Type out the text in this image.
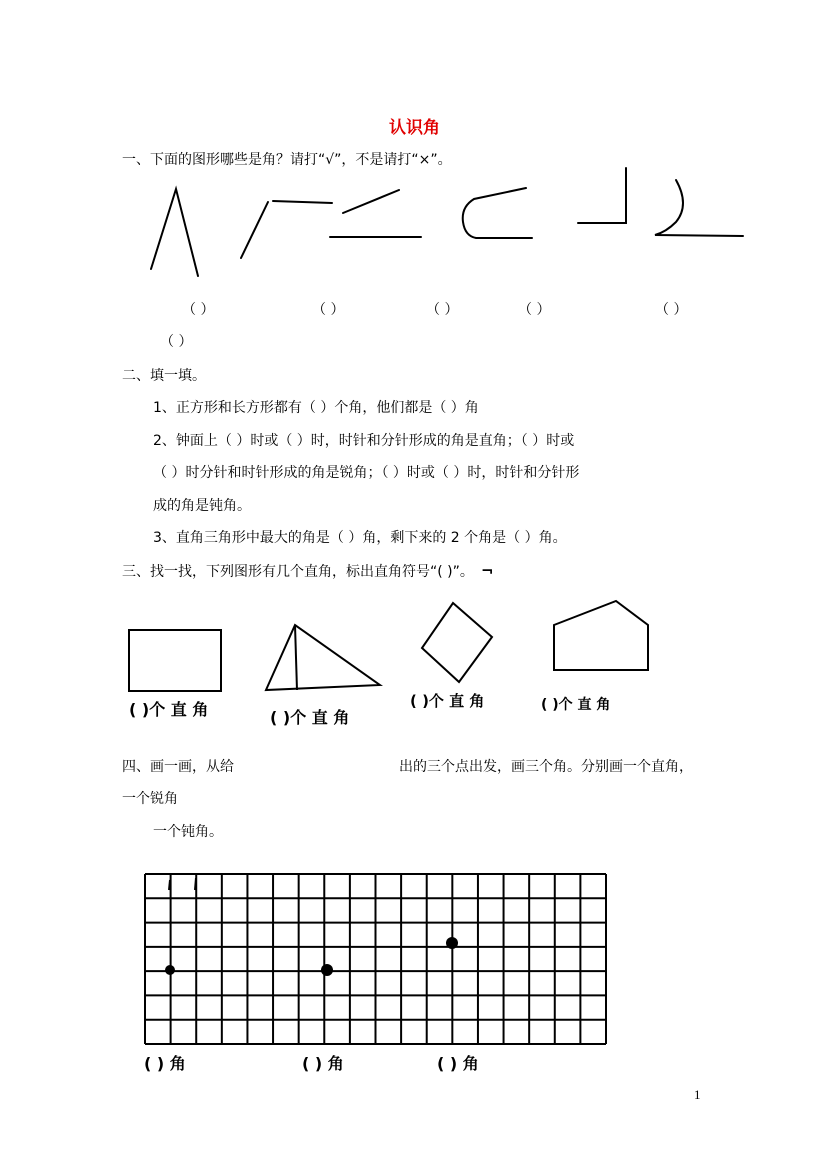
认识角
一、下面的图形哪些是角？请打“√”，不是请打“×”。
（ ）	（ ）	（ ）	（ ）	（ ）
（ ）
二、填一填。
1、正方形和长方形都有（ ）个角，他们都是（ ）角
2、钟面上（ ）时或（ ）时，时针和分针形成的角是直角；（ ）时或
（ ）时分针和时针形成的角是锐角；（ ）时或（ ）时，时针和分针形
成的角是钝角。
3、直角三角形中最大的角是（ ）角，剩下来的 2 个角是（ ）角。
三、找一找，下列图形有几个直角，标出直角符号“( )”。 ¬
( )个 直 角	( )个 直 角
( )个 直 角	( )个 直 角
四、画一画，从给	出的三个点出发，画三个角。分别画一个直角，
一个锐角
一个钝角。
( ) 角	( ) 角	( ) 角
1
